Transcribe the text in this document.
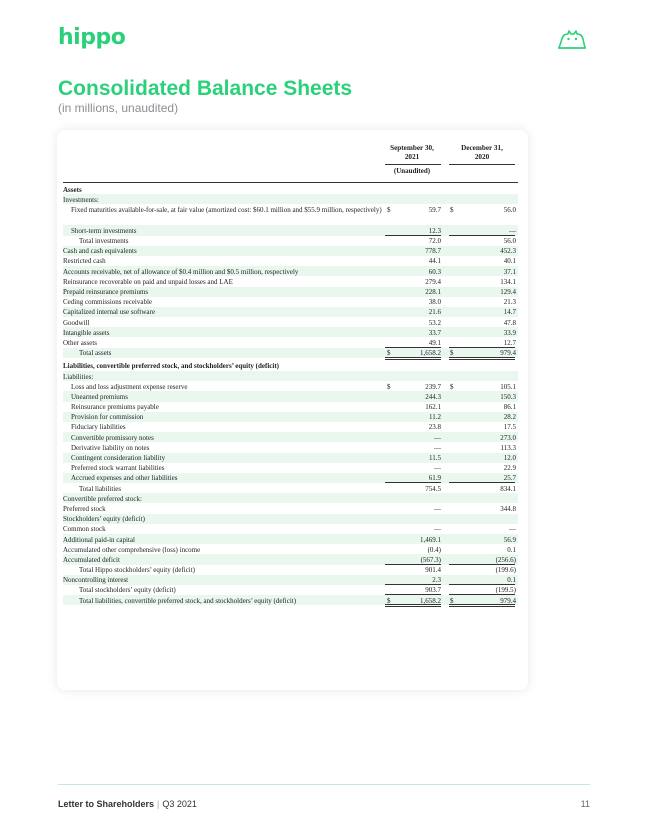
hippo
Consolidated Balance Sheets
(in millions, unaudited)
September 30,
2021
December 31,
2020
(Unaudited)
Assets
Investments:
Fixed maturities available-for-sale, at fair value (amortized cost: $60.1 million and $55.9 million, respectively) $	59.7 $	56.0
Short-term investments	12.3	—
Total investments	72.0	56.0
Cash and cash equivalents	778.7	452.3
Restricted cash	44.1	40.1
Accounts receivable, net of allowance of $0.4 million and $0.5 million, respectively	60.3	37.1
Reinsurance recoverable on paid and unpaid losses and LAE	279.4	134.1
Prepaid reinsurance premiums	228.1	129.4
Ceding commissions receivable	38.0	21.3
Capitalized internal use software	21.6	14.7
Goodwill	53.2	47.8
Intangible assets	33.7	33.9
Other assets	49.1	12.7
Total assets	$	1,658.2 $	979.4
Liabilities, convertible preferred stock, and stockholders’ equity (deficit)
Liabilities:
Loss and loss adjustment expense reserve	$	239.7 $	105.1
Unearned premiums	244.3	150.3
Reinsurance premiums payable	162.1	86.1
Provision for commission	11.2	28.2
Fiduciary liabilities	23.8	17.5
Convertible promissory notes	—	273.0
Derivative liability on notes	—	113.3
Contingent consideration liability	11.5	12.0
Preferred stock warrant liabilities	—	22.9
Accrued expenses and other liabilities	61.9	25.7
Total liabilities	754.5	834.1
Convertible preferred stock:
Preferred stock	—	344.8
Stockholders’ equity (deficit)
Common stock	—	—
Additional paid-in capital	1,469.1	56.9
Accumulated other comprehensive (loss) income	(0.4)	0.1
Accumulated deficit	(567.3)	(256.6)
Total Hippo stockholders’ equity (deficit)	901.4	(199.6)
Noncontrolling interest	2.3	0.1
Total stockholders’ equity (deficit)	903.7	(199.5)
Total liabilities, convertible preferred stock, and stockholders’ equity (deficit)	$	1,658.2 $	979.4
Letter to Shareholders | Q3 2021	11
